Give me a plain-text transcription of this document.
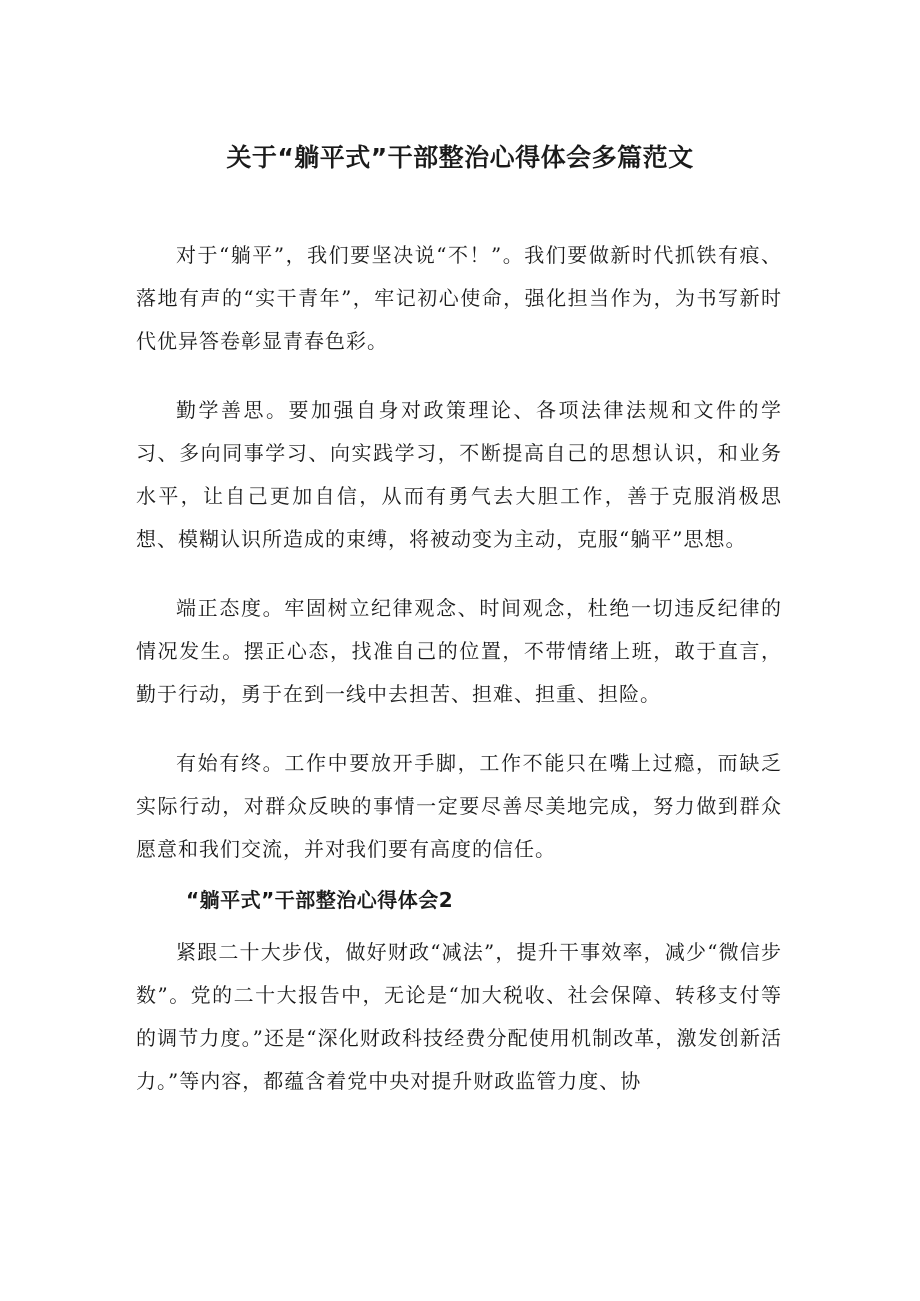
关于“躺平式”干部整治心得体会多篇范文

对于“躺平”，我们要坚决说“不！”。我们要做新时代抓铁有痕、落地有声的“实干青年”，牢记初心使命，强化担当作为，为书写新时代优异答卷彰显青春色彩。

勤学善思。要加强自身对政策理论、各项法律法规和文件的学习、多向同事学习、向实践学习，不断提高自己的思想认识，和业务水平，让自己更加自信，从而有勇气去大胆工作，善于克服消极思想、模糊认识所造成的束缚，将被动变为主动，克服“躺平”思想。

端正态度。牢固树立纪律观念、时间观念，杜绝一切违反纪律的情况发生。摆正心态，找准自己的位置，不带情绪上班，敢于直言，勤于行动，勇于在到一线中去担苦、担难、担重、担险。

有始有终。工作中要放开手脚，工作不能只在嘴上过瘾，而缺乏实际行动，对群众反映的事情一定要尽善尽美地完成，努力做到群众愿意和我们交流，并对我们要有高度的信任。

“躺平式”干部整治心得体会2

紧跟二十大步伐，做好财政“减法”，提升干事效率，减少“微信步数”。党的二十大报告中，无论是“加大税收、社会保障、转移支付等的调节力度。”还是“深化财政科技经费分配使用机制改革，激发创新活力。”等内容，都蕴含着党中央对提升财政监管力度、协
